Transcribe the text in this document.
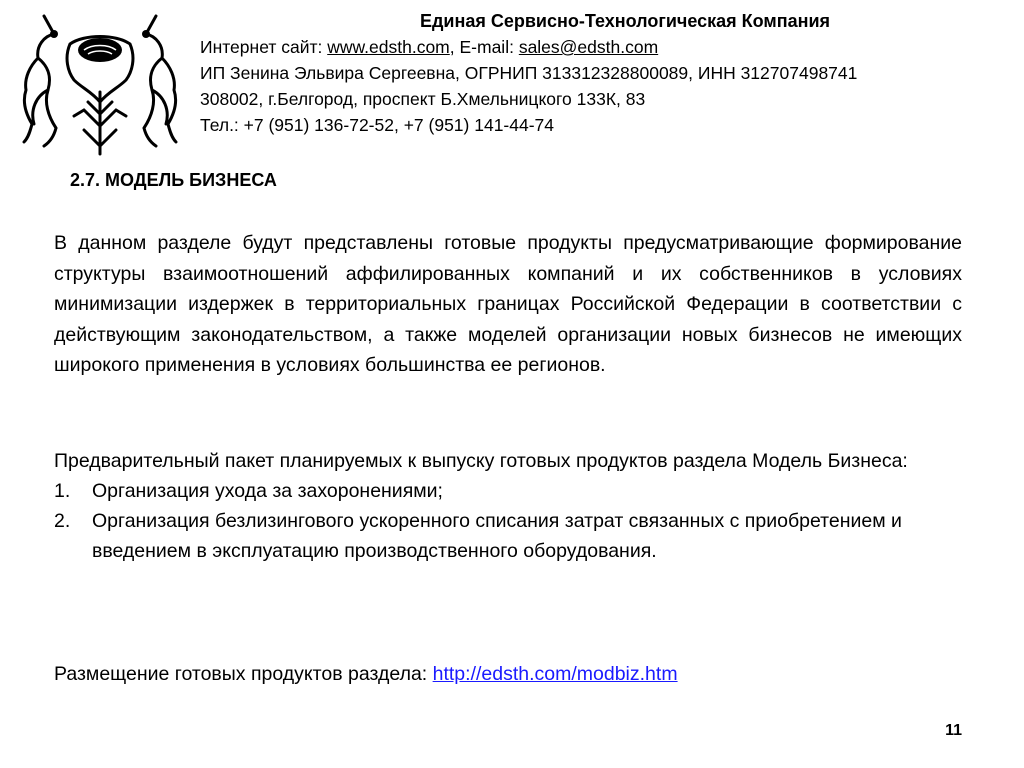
Единая Сервисно-Технологическая Компания
Интернет сайт: www.edsth.com, E-mail: sales@edsth.com
ИП Зенина Эльвира Сергеевна, ОГРНИП 313312328800089, ИНН 312707498741
308002, г.Белгород, проспект Б.Хмельницкого 133К, 83
Тел.: +7 (951) 136-72-52, +7 (951) 141-44-74
2.7. МОДЕЛЬ БИЗНЕСА
В данном разделе будут представлены готовые продукты предусматривающие формирование структуры взаимоотношений аффилированных компаний и их собственников в условиях минимизации издержек в территориальных границах Российской Федерации в соответствии с действующим законодательством, а также моделей организации новых бизнесов не имеющих широкого применения в условиях большинства ее регионов.
Предварительный пакет планируемых к выпуску готовых продуктов раздела Модель Бизнеса:
1. Организация ухода за захоронениями;
2. Организация безлизингового ускоренного списания затрат связанных с приобретением и введением в эксплуатацию производственного оборудования.
Размещение готовых продуктов раздела: http://edsth.com/modbiz.htm
11
